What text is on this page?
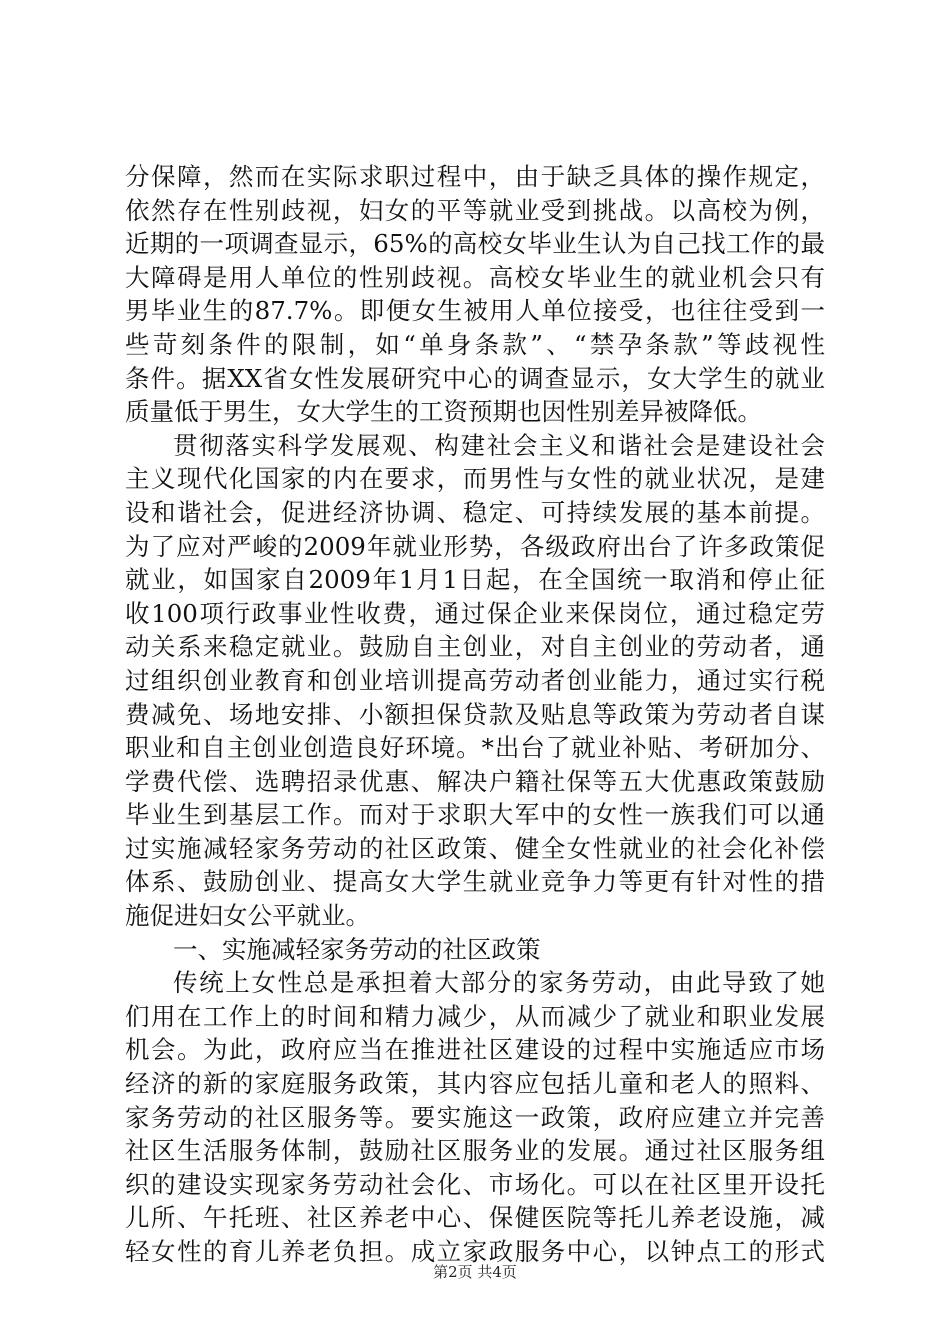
分保障，然而在实际求职过程中，由于缺乏具体的操作规定，
依然存在性别歧视，妇女的平等就业受到挑战。以高校为例，
近期的一项调查显示，65%的高校女毕业生认为自己找工作的最
大障碍是用人单位的性别歧视。高校女毕业生的就业机会只有
男毕业生的87.7%。即便女生被用人单位接受，也往往受到一
些苛刻条件的限制，如“单身条款”、“禁孕条款”等歧视性
条件。据XX省女性发展研究中心的调查显示，女大学生的就业
质量低于男生，女大学生的工资预期也因性别差异被降低。
贯彻落实科学发展观、构建社会主义和谐社会是建设社会
主义现代化国家的内在要求，而男性与女性的就业状况，是建
设和谐社会，促进经济协调、稳定、可持续发展的基本前提。
为了应对严峻的2009年就业形势，各级政府出台了许多政策促
就业，如国家自2009年1月1日起，在全国统一取消和停止征
收100项行政事业性收费，通过保企业来保岗位，通过稳定劳
动关系来稳定就业。鼓励自主创业，对自主创业的劳动者，通
过组织创业教育和创业培训提高劳动者创业能力，通过实行税
费减免、场地安排、小额担保贷款及贴息等政策为劳动者自谋
职业和自主创业创造良好环境。*出台了就业补贴、考研加分、
学费代偿、选聘招录优惠、解决户籍社保等五大优惠政策鼓励
毕业生到基层工作。而对于求职大军中的女性一族我们可以通
过实施减轻家务劳动的社区政策、健全女性就业的社会化补偿
体系、鼓励创业、提高女大学生就业竞争力等更有针对性的措
施促进妇女公平就业。
一、实施减轻家务劳动的社区政策
传统上女性总是承担着大部分的家务劳动，由此导致了她
们用在工作上的时间和精力减少，从而减少了就业和职业发展
机会。为此，政府应当在推进社区建设的过程中实施适应市场
经济的新的家庭服务政策，其内容应包括儿童和老人的照料、
家务劳动的社区服务等。要实施这一政策，政府应建立并完善
社区生活服务体制，鼓励社区服务业的发展。通过社区服务组
织的建设实现家务劳动社会化、市场化。可以在社区里开设托
儿所、午托班、社区养老中心、保健医院等托儿养老设施，减
轻女性的育儿养老负担。成立家政服务中心，以钟点工的形式
第2页 共4页
